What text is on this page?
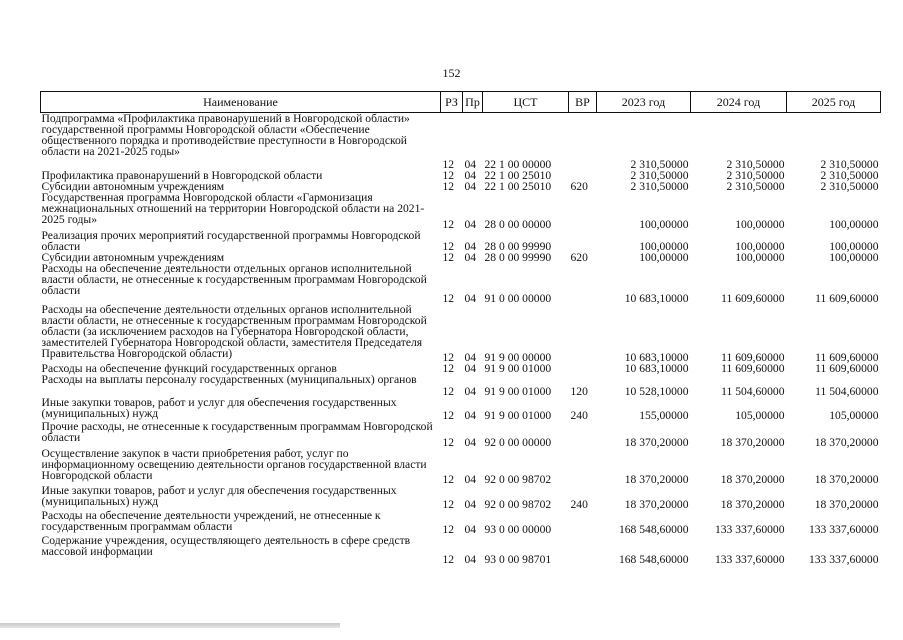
152
Наименование	РЗ	Пр	ЦСТ	ВР	2023 год	2024 год	2025 год
Подпрограмма «Профилактика правонарушений в Новгородской области» государственной программы Новгородской области «Обеспечение общественного порядка и противодействие преступности в Новгородской области на 2021-2025 годы»	12	04	22 1 00 00000		2 310,50000	2 310,50000	2 310,50000
Профилактика правонарушений в Новгородской области	12	04	22 1 00 25010		2 310,50000	2 310,50000	2 310,50000
Субсидии автономным учреждениям	12	04	22 1 00 25010	620	2 310,50000	2 310,50000	2 310,50000
Государственная программа Новгородской области «Гармонизация межнациональных отношений на территории Новгородской области на 2021-2025 годы»	12	04	28 0 00 00000		100,00000	100,00000	100,00000
Реализация прочих мероприятий государственной программы Новгородской области	12	04	28 0 00 99990		100,00000	100,00000	100,00000
Субсидии автономным учреждениям	12	04	28 0 00 99990	620	100,00000	100,00000	100,00000
Расходы на обеспечение деятельности отдельных органов исполнительной власти области, не отнесенные к государственным программам Новгородской области	12	04	91 0 00 00000		10 683,10000	11 609,60000	11 609,60000
Расходы на обеспечение деятельности отдельных органов исполнительной власти области, не отнесенные к государственным программам Новгородской области (за исключением расходов на Губернатора Новгородской области, заместителей Губернатора Новгородской области, заместителя Председателя Правительства Новгородской области)	12	04	91 9 00 00000		10 683,10000	11 609,60000	11 609,60000
Расходы на обеспечение функций государственных органов	12	04	91 9 00 01000		10 683,10000	11 609,60000	11 609,60000
Расходы на выплаты персоналу государственных (муниципальных) органов	12	04	91 9 00 01000	120	10 528,10000	11 504,60000	11 504,60000
Иные закупки товаров, работ и услуг для обеспечения государственных (муниципальных) нужд	12	04	91 9 00 01000	240	155,00000	105,00000	105,00000
Прочие расходы, не отнесенные к государственным программам Новгородской области	12	04	92 0 00 00000		18 370,20000	18 370,20000	18 370,20000
Осуществление закупок в части приобретения работ, услуг по информационному освещению деятельности органов государственной власти Новгородской области	12	04	92 0 00 98702		18 370,20000	18 370,20000	18 370,20000
Иные закупки товаров, работ и услуг для обеспечения государственных (муниципальных) нужд	12	04	92 0 00 98702	240	18 370,20000	18 370,20000	18 370,20000
Расходы на обеспечение деятельности учреждений, не отнесенные к государственным программам области	12	04	93 0 00 00000		168 548,60000	133 337,60000	133 337,60000
Содержание учреждения, осуществляющего деятельность в сфере средств массовой информации	12	04	93 0 00 98701		168 548,60000	133 337,60000	133 337,60000
